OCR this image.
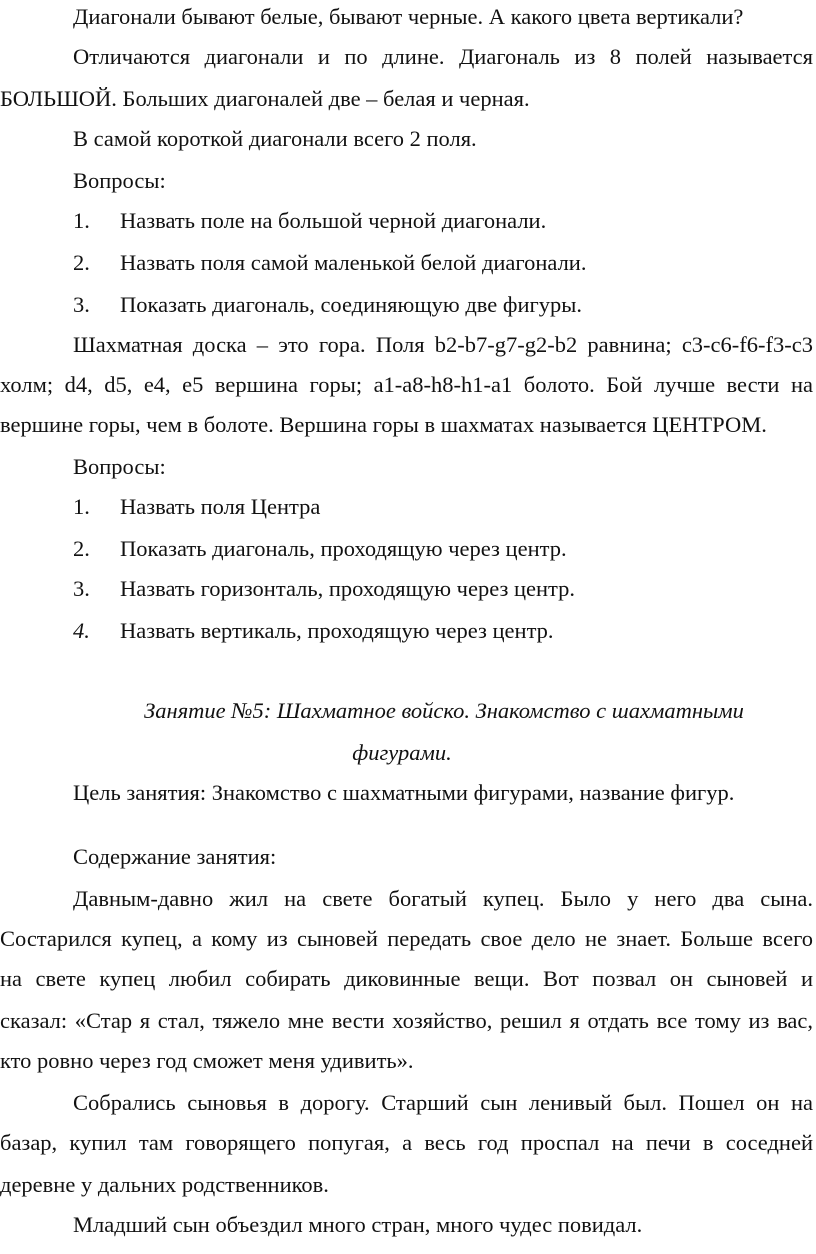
Диагонали бывают белые, бывают черные. А какого цвета вертикали?
Отличаются диагонали и по длине. Диагональ из 8 полей называется
БОЛЬШОЙ. Больших диагоналей две – белая и черная.
В самой короткой диагонали всего 2 поля.
Вопросы:
1. Назвать поле на большой черной диагонали.
2. Назвать поля самой маленькой белой диагонали.
3. Показать диагональ, соединяющую две фигуры.
Шахматная доска – это гора. Поля b2-b7-g7-g2-b2 равнина; c3-c6-f6-f3-c3
холм; d4, d5, e4, e5 вершина горы; a1-a8-h8-h1-a1 болото. Бой лучше вести на
вершине горы, чем в болоте. Вершина горы в шахматах называется ЦЕНТРОМ.
Вопросы:
1. Назвать поля Центра
2. Показать диагональ, проходящую через центр.
3. Назвать горизонталь, проходящую через центр.
4. Назвать вертикаль, проходящую через центр.
Занятие №5: Шахматное войско. Знакомство с шахматными
фигурами.
Цель занятия: Знакомство с шахматными фигурами, название фигур.
Содержание занятия:
Давным-давно жил на свете богатый купец. Было у него два сына.
Состарился купец, а кому из сыновей передать свое дело не знает. Больше всего
на свете купец любил собирать диковинные вещи. Вот позвал он сыновей и
сказал: «Стар я стал, тяжело мне вести хозяйство, решил я отдать все тому из вас,
кто ровно через год сможет меня удивить».
Собрались сыновья в дорогу. Старший сын ленивый был. Пошел он на
базар, купил там говорящего попугая, а весь год проспал на печи в соседней
деревне у дальних родственников.
Младший сын объездил много стран, много чудес повидал.
